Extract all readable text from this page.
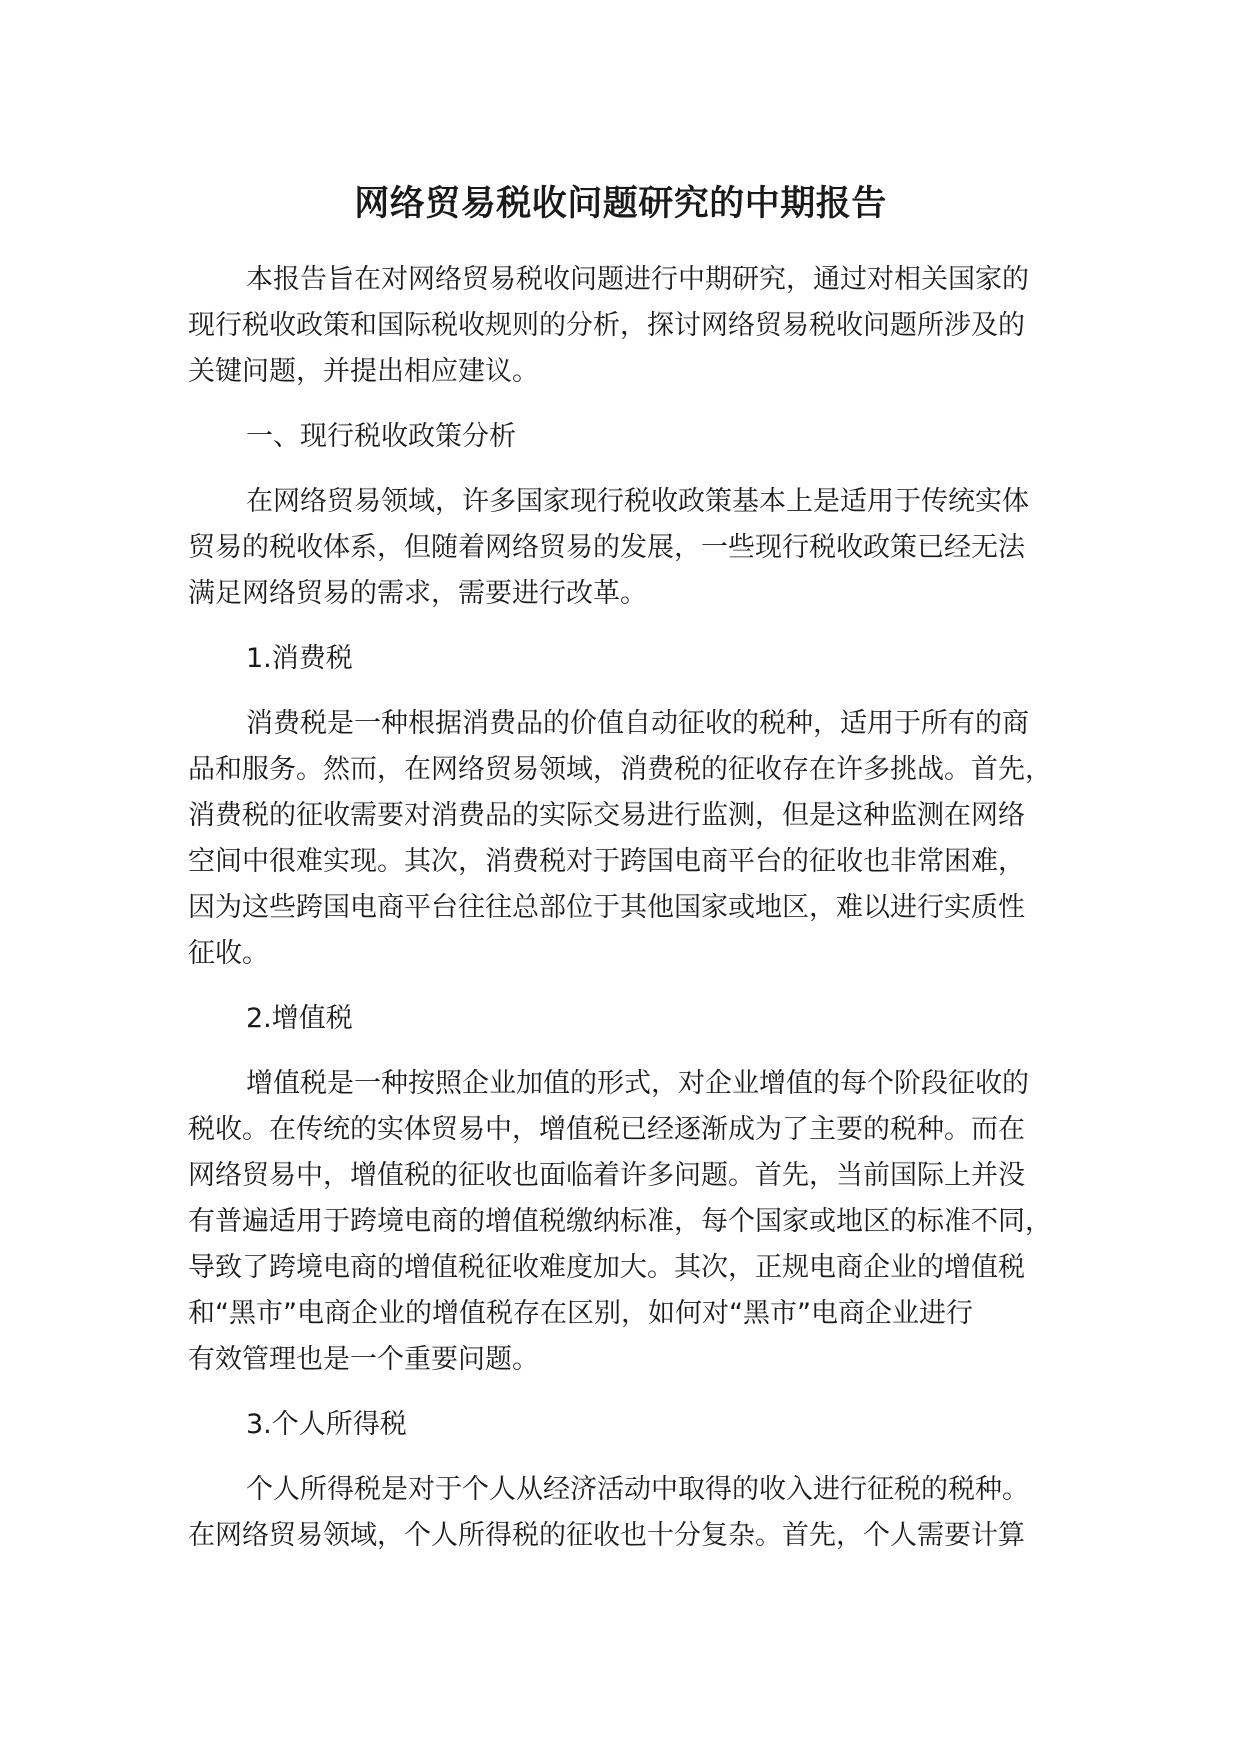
网络贸易税收问题研究的中期报告
本报告旨在对网络贸易税收问题进行中期研究，通过对相关国家的
现行税收政策和国际税收规则的分析，探讨网络贸易税收问题所涉及的
关键问题，并提出相应建议。
一、现行税收政策分析
在网络贸易领域，许多国家现行税收政策基本上是适用于传统实体
贸易的税收体系，但随着网络贸易的发展，一些现行税收政策已经无法
满足网络贸易的需求，需要进行改革。
1.消费税
消费税是一种根据消费品的价值自动征收的税种，适用于所有的商
品和服务。然而，在网络贸易领域，消费税的征收存在许多挑战。首先，
消费税的征收需要对消费品的实际交易进行监测，但是这种监测在网络
空间中很难实现。其次，消费税对于跨国电商平台的征收也非常困难，
因为这些跨国电商平台往往总部位于其他国家或地区，难以进行实质性
征收。
2.增值税
增值税是一种按照企业加值的形式，对企业增值的每个阶段征收的
税收。在传统的实体贸易中，增值税已经逐渐成为了主要的税种。而在
网络贸易中，增值税的征收也面临着许多问题。首先，当前国际上并没
有普遍适用于跨境电商的增值税缴纳标准，每个国家或地区的标准不同，
导致了跨境电商的增值税征收难度加大。其次，正规电商企业的增值税
和“黑市”电商企业的增值税存在区别，如何对“黑市”电商企业进行
有效管理也是一个重要问题。
3.个人所得税
个人所得税是对于个人从经济活动中取得的收入进行征税的税种。
在网络贸易领域，个人所得税的征收也十分复杂。首先，个人需要计算
